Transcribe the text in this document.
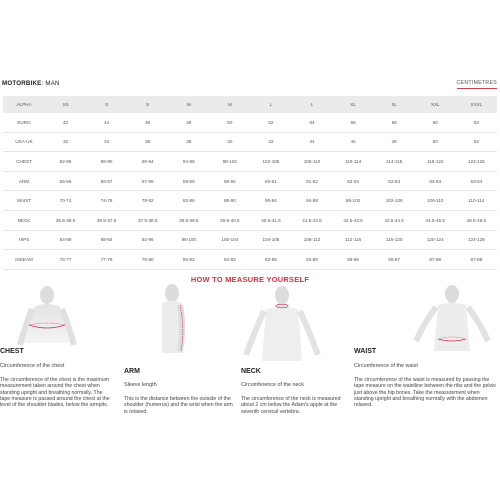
MOTORBIKE: MAN	CENTIMETRES
ALPHA	XS	S	S	M	M	L	L	XL	XL	XXL	XXXL
EURO	42	44	46	48	50	52	54	56	58	60	62
USA-UK	32	34	36	38	40	42	44	46	48	50	52
CHEST	82-86	86-90	90-94	94-98	98-102	102-106	106-110	110-114	114-118	118-122	122-126
ARM	55-56	56-57	57-58	58-59	59-60	60-61	61-62	62-63	62-63	63-64	63-64
WAIST	70-74	74-78	78-82	82-86	86-90	90-94	94-98	98-102	102-106	106-110	110-114
NECK	35.5-36.5	36.5-37.5	37.5-38.5	38.5-39.5	39.5-40.5	40.5-41.5	41.5-42.5	42.5-43.5	43.5-44.5	44.5-45.5	45.5-46.5
HIPS	84-88	88-92	92-96	96-100	100-104	104-108	108-112	112-116	116-120	120-124	124-128
INSEAM	76-77	77-79	79-80	80-82	82-83	83-85	83-85	85-86	86-87	87-88	87-88
HOW TO MEASURE YOURSELF
CHEST
Circumference of the chest
The circumference of the chest is the maximum measurement taken around the chest when standing upright and breathing normally. The tape measure is passed around the chest at the level of the shoulder blades, below the armpits.
ARM
Sleeve length
This is the distance between the outside of the shoulder (humerus) and the wrist when the arm is relaxed.
NECK
Circumference of the neck
The circumference of the neck is measured about 2 cm below the Adam's apple at the seventh cervical vertebra.
WAIST
Circumference of the waist
The circumference of the waist is measured by passing the tape measure on the waistline between the ribs and the pelvis just above the hip bones. Take the measurement when standing upright and breathing normally with the abdomen relaxed.
